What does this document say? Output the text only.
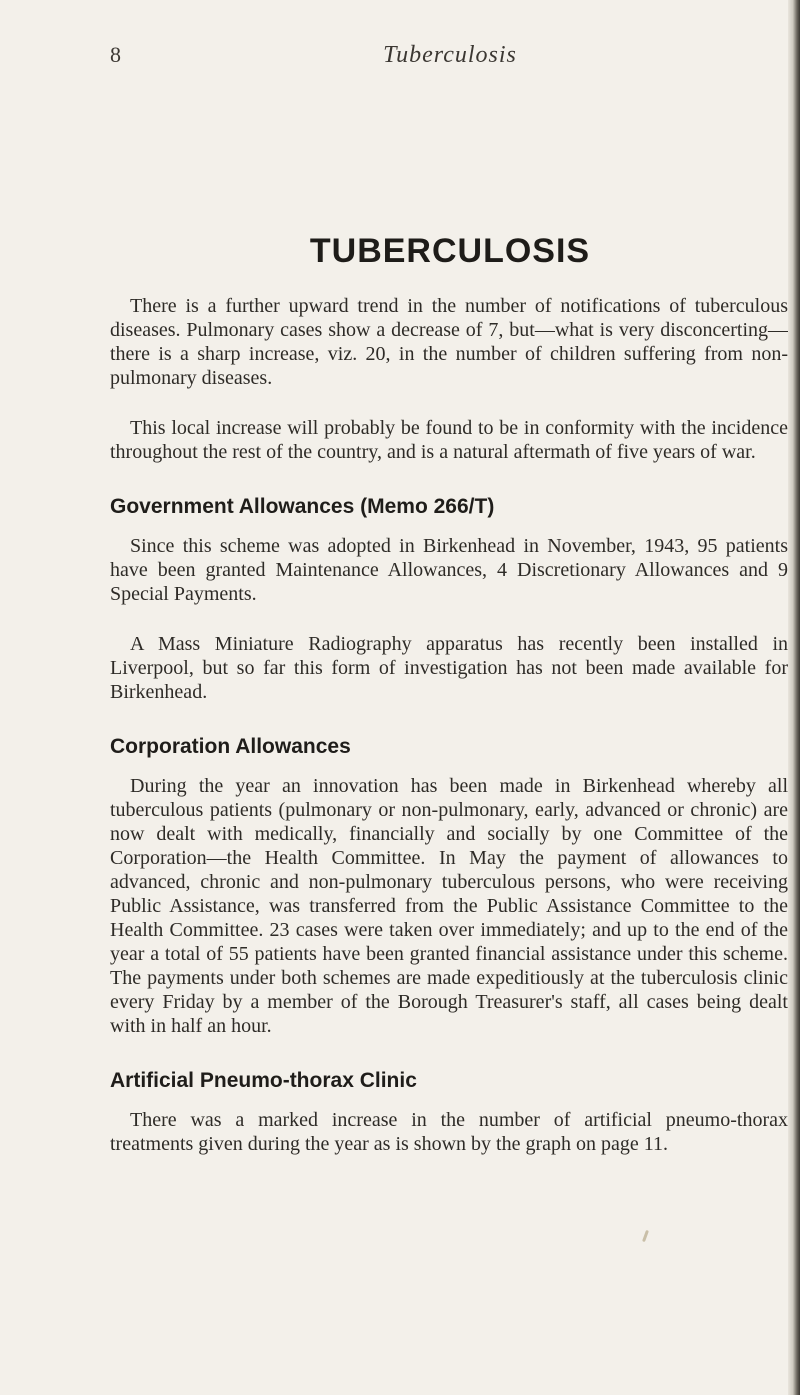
8	Tuberculosis
TUBERCULOSIS

There is a further upward trend in the number of notifications of tuberculous diseases. Pulmonary cases show a decrease of 7, but—what is very disconcerting—there is a sharp increase, viz. 20, in the number of children suffering from non-pulmonary diseases.

This local increase will probably be found to be in conformity with the incidence throughout the rest of the country, and is a natural aftermath of five years of war.

Government Allowances (Memo 266/T)

Since this scheme was adopted in Birkenhead in November, 1943, 95 patients have been granted Maintenance Allowances, 4 Discretionary Allowances and 9 Special Payments.

A Mass Miniature Radiography apparatus has recently been installed in Liverpool, but so far this form of investigation has not been made available for Birkenhead.

Corporation Allowances

During the year an innovation has been made in Birkenhead whereby all tuberculous patients (pulmonary or non-pulmonary, early, advanced or chronic) are now dealt with medically, financially and socially by one Committee of the Corporation—the Health Committee. In May the payment of allowances to advanced, chronic and non-pulmonary tuberculous persons, who were receiving Public Assistance, was transferred from the Public Assistance Committee to the Health Committee. 23 cases were taken over immediately; and up to the end of the year a total of 55 patients have been granted financial assistance under this scheme. The payments under both schemes are made expeditiously at the tuberculosis clinic every Friday by a member of the Borough Treasurer's staff, all cases being dealt with in half an hour.

Artificial Pneumo-thorax Clinic

There was a marked increase in the number of artificial pneumo-thorax treatments given during the year as is shown by the graph on page 11.
